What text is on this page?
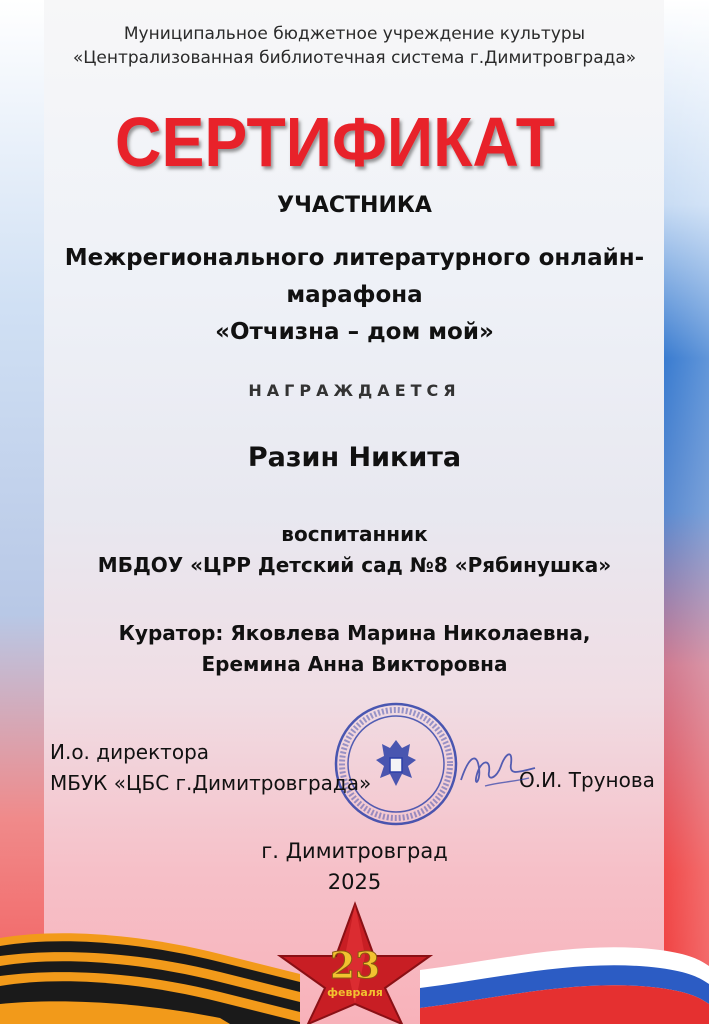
Муниципальное бюджетное учреждение культуры
«Централизованная библиотечная система г.Димитровграда»
СЕРТИФИКАТ
УЧАСТНИКА
Межрегионального литературного онлайн-
марафона
«Отчизна – дом мой»
НАГРАЖДАЕТСЯ
Разин Никита
воспитанник
МБДОУ «ЦРР Детский сад №8 «Рябинушка»
Куратор: Яковлева Марина Николаевна,
Еремина Анна Викторовна
И.о. директора
МБУК «ЦБС г.Димитровграда»	О.И. Трунова
г. Димитровград
2025
23
февраля
